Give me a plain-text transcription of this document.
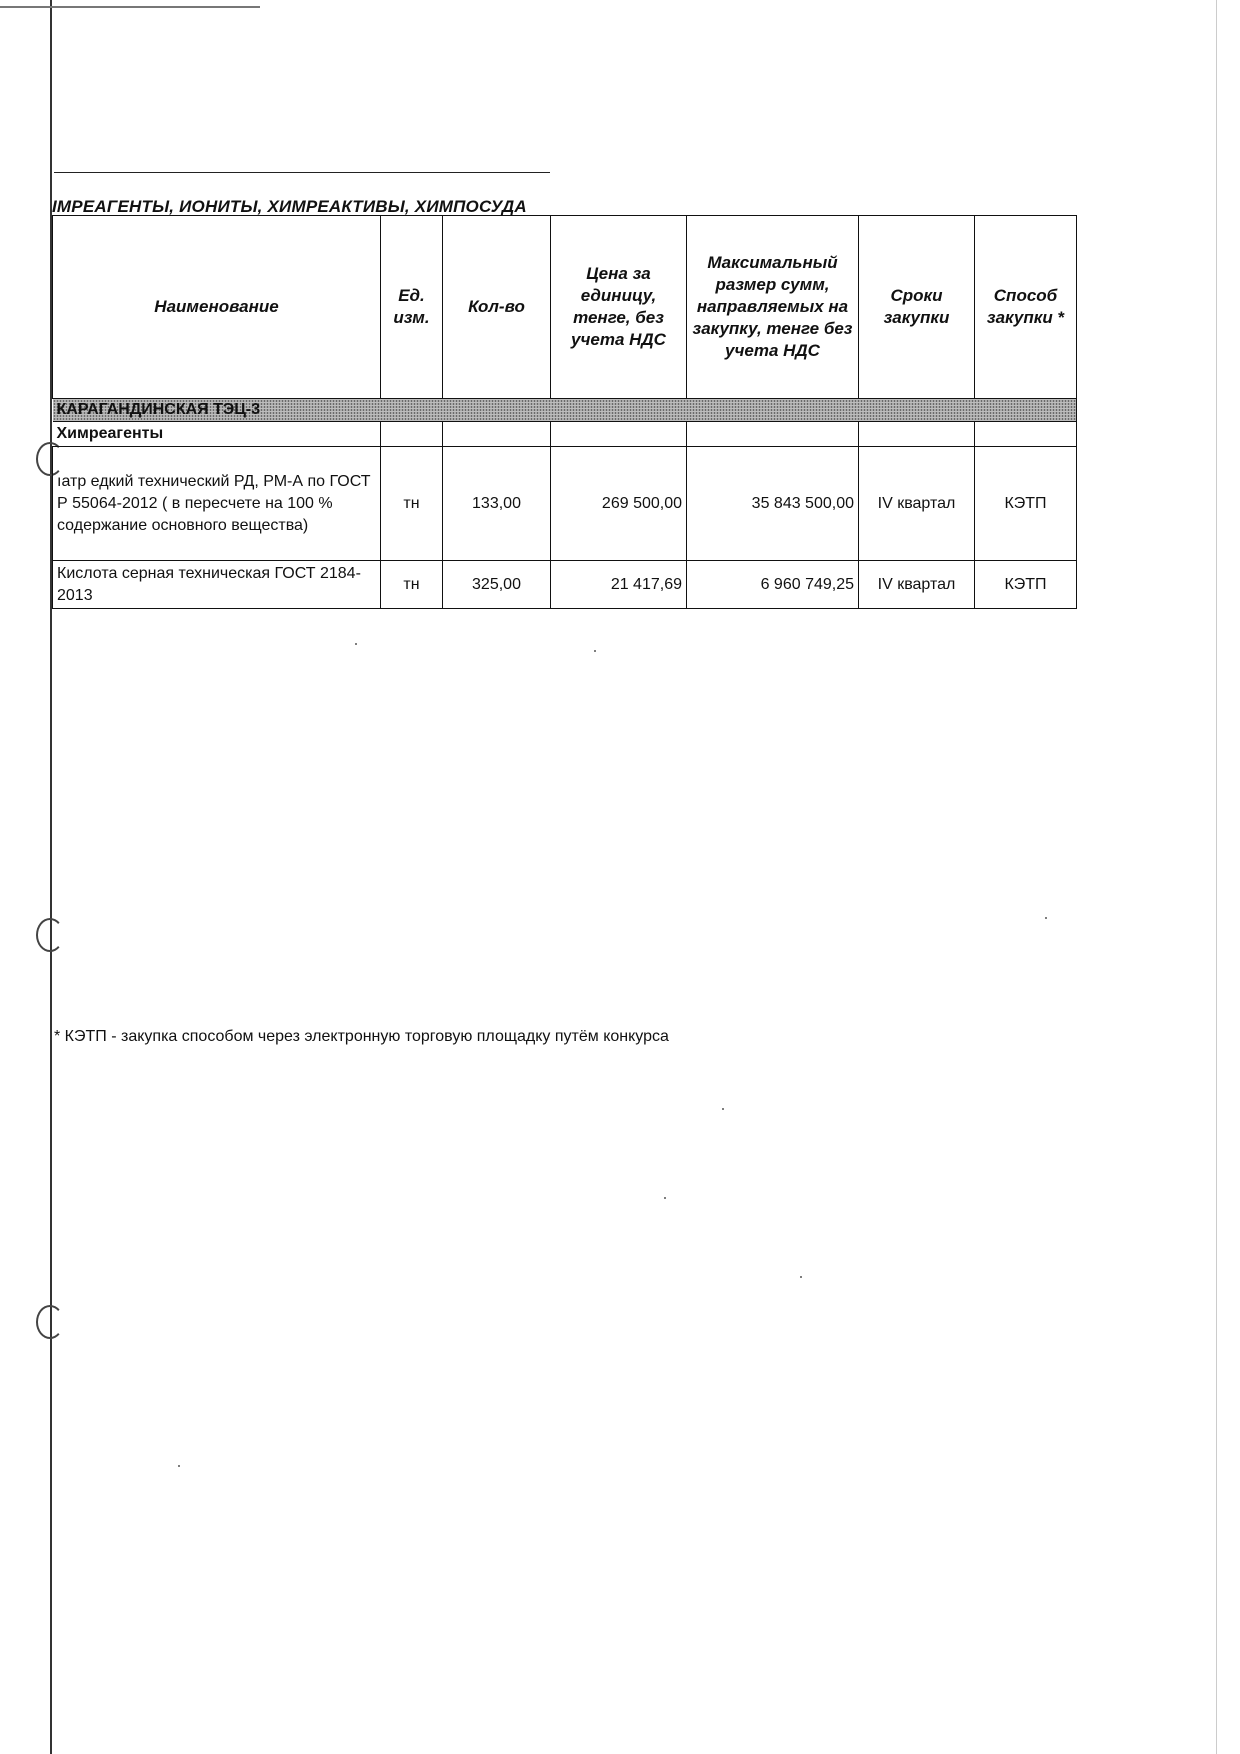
ІМРЕАГЕНТЫ, ИОНИТЫ, ХИМРЕАКТИВЫ, ХИМПОСУДА
Наименование	Ед. изм.	Кол-во	Цена за единицу, тенге, без учета НДС	Максимальный размер сумм, направляемых на закупку, тенге без учета НДС	Сроки закупки	Способ закупки *
КАРАГАНДИНСКАЯ ТЭЦ-3						
Химреагенты						
ıатр едкий технический РД, РМ-А по ГОСТ Р 55064-2012 ( в пересчете на 100 % содержание основного вещества)	тн	133,00	269 500,00	35 843 500,00	IV квартал	КЭТП
Кислота серная техническая ГОСТ 2184-2013	тн	325,00	21 417,69	6 960 749,25	IV квартал	КЭТП
* КЭТП - закупка способом через электронную торговую площадку путём конкурса
